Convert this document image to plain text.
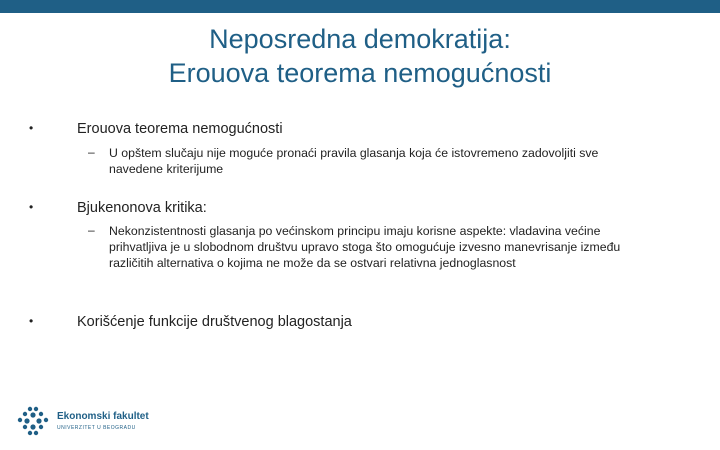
Neposredna demokratija:
Erouova teorema nemogućnosti
•	Erouova teorema nemogućnosti
– U opštem slučaju nije moguće pronaći pravila glasanja koja će istovremeno zadovoljiti sve navedene kriterijume
•	Bjukenonova kritika:
– Nekonzistentnosti glasanja po većinskom principu imaju korisne aspekte: vladavina većine prihvatljiva je u slobodnom društvu upravo stoga što omogućuje izvesno manevrisanje između različitih alternativa o kojima ne može da se ostvari relativna jednoglasnost
•	Korišćenje funkcije društvenog blagostanja
Ekonomski fakultet
UNIVERZITET U BEOGRADU
